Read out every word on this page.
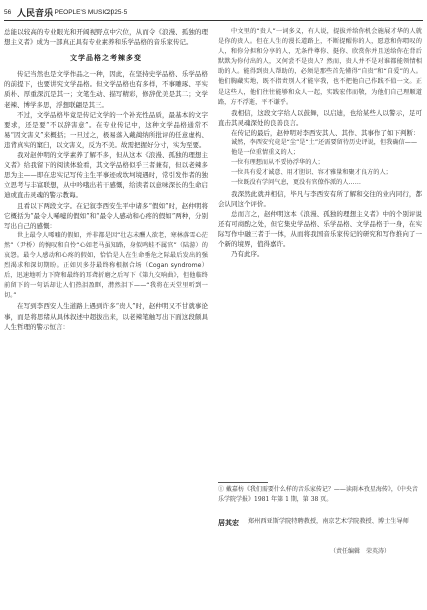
56 人民音乐
| PEOPLE'S MUSIC |
2025·5

总能以较高的专业眼光和开阔视野点中穴位，从而令《浪漫、孤独的理想主义者》成为一部真正具有专业素养和乐学品格的音乐家传记。

文学品格之考辣多变

传记当然也是文学作品之一种，因此，在坚持史学品格、乐学品格的前提下，也要讲究文学品格。但文学品格也有多样，不事雕琢、平实质朴、厚重深沉是其一；文笔生动、描写精彩，修辞优美是其二；文学老辣、博学多思，浮想联翩是其三。

不过，文学品格毕竟是传记文学的一个补充性品质，最基本的文字要求，还是要“不以辞害意”。在专业传记中，这种文学品格通常不易“因文害义”来概括；一旦过之，极易落入戴蔺纳所批评的任意虚构、违背真实的窠臼，以文害义，反为不美。故需把握好分寸，实为至要。

我对赵仲明的文学素养了解不多，但从这本《浪漫、孤独的理想主义者》给我留下的阅读体验看，其文学品格似乎三者兼有，但以老辣多思为主——即在忠实记写传主生平事迹或坎坷境遇时，常引发作者的独立思考与丰富联想，从中吟哦出若干感慨，给读者以意味深长的生命启迪或直击灵魂的警示教诲。

且看以下两段文字。在记叙李西安生平中诸多“假如”时，赵仲明将它概括为“最令人唏嘘的假如”和“最令人感动和心疼的假如”两种，分别写出自己的感慨：

世上最令人唏嘘的假如，并非都是因“壮志未酬人欲老，寒林落雪心茫然”（尹桥）的惋叹和自怜“心如老马虽知路，身似鸣蛙不属官”（陆游）的哀怨。最令人感动和心疼的假如，恰恰是人在生命垂危之际最后发出的强烈渴求和深切期盼。正如贝多芬最终称根据合场（Cogan syndrome）后，迅速地听力下降和最终的耳聋折磨之后写下《第九交响曲》，但他临终前留下的一句话却让人们热泪盈眶，潸然泪下——“我将在天堂里听到一切。”

在写到李西安人生道路上遇到许多“贵人”时，赵仲明又不甘就事论事，而是将思绪从具体叙述中超拔出来，以老辣笔触写出下面这段颇具人生哲理的警示恒言：

中文里的“贵人”一词多义，有人说，提拔并给你机会施展才华的人就是你的贵人。但在人生的漫长道路上，不断提醒你的人，愿意和你喟叹的人，和你分担和分享的人，无条件尊你、挺你、欣赏你并且送给你在背后默默为你付出的人，又何尝不是贵人？然而，贵人并不是对谁都能领情相助的人。能得到贵人帮助的，必须是那些首先懂得“自贵”和“自爱”的人。他们胸藏实地，既不指责别人才能宰我，也不把他自己作践不值一文。正是这些人，他们往往能够和众人一起，实践宏伟而敬，为他们自己理顺道路，方不浮逝，平不谦乎。

我相信，这段文字给人以鼓舞，以启迪，也给某些人以警示，足可直击其灵魂深处的良善良言。

在传记的最后，赵仲明对李西安其人、其作、其事作了如下判断：

诚然，李西安究竟是“尘”是“土”还需要留待历史评说，但我确信——

他是一位重情重义的人；

一位有理想而从不妥协浮华的人；

一位具有爱才诚意、用才胆识、容才雅量和聚才良方的人；

一位既没有学问气息，更没有官僚作派的人……

我深然此就并相信，毕凡与李西安有所了解和交往的业内同行，都会认同这个评价。

总而言之，赵仲明这本《浪漫、孤独的理想主义者》中的个别评说还有可商酌之处，但它集史学品格、乐学品格、文学品格于一身，在实际写作中融三者于一体，从而将我国音乐家传记的研究和写作推向了一个新的境界，值得嘉许。

乃有此序。

① 戴嘉枋《我们需要什么样的音乐家传记？——读雨本孜星海传》，《中央音乐学院学报》1981 年第 1 期，第 38 页。
居其宏 郑州西亚斯学院特聘教授，南京艺术学院教授、博士生导师
（责任编辑　荣英涛）
